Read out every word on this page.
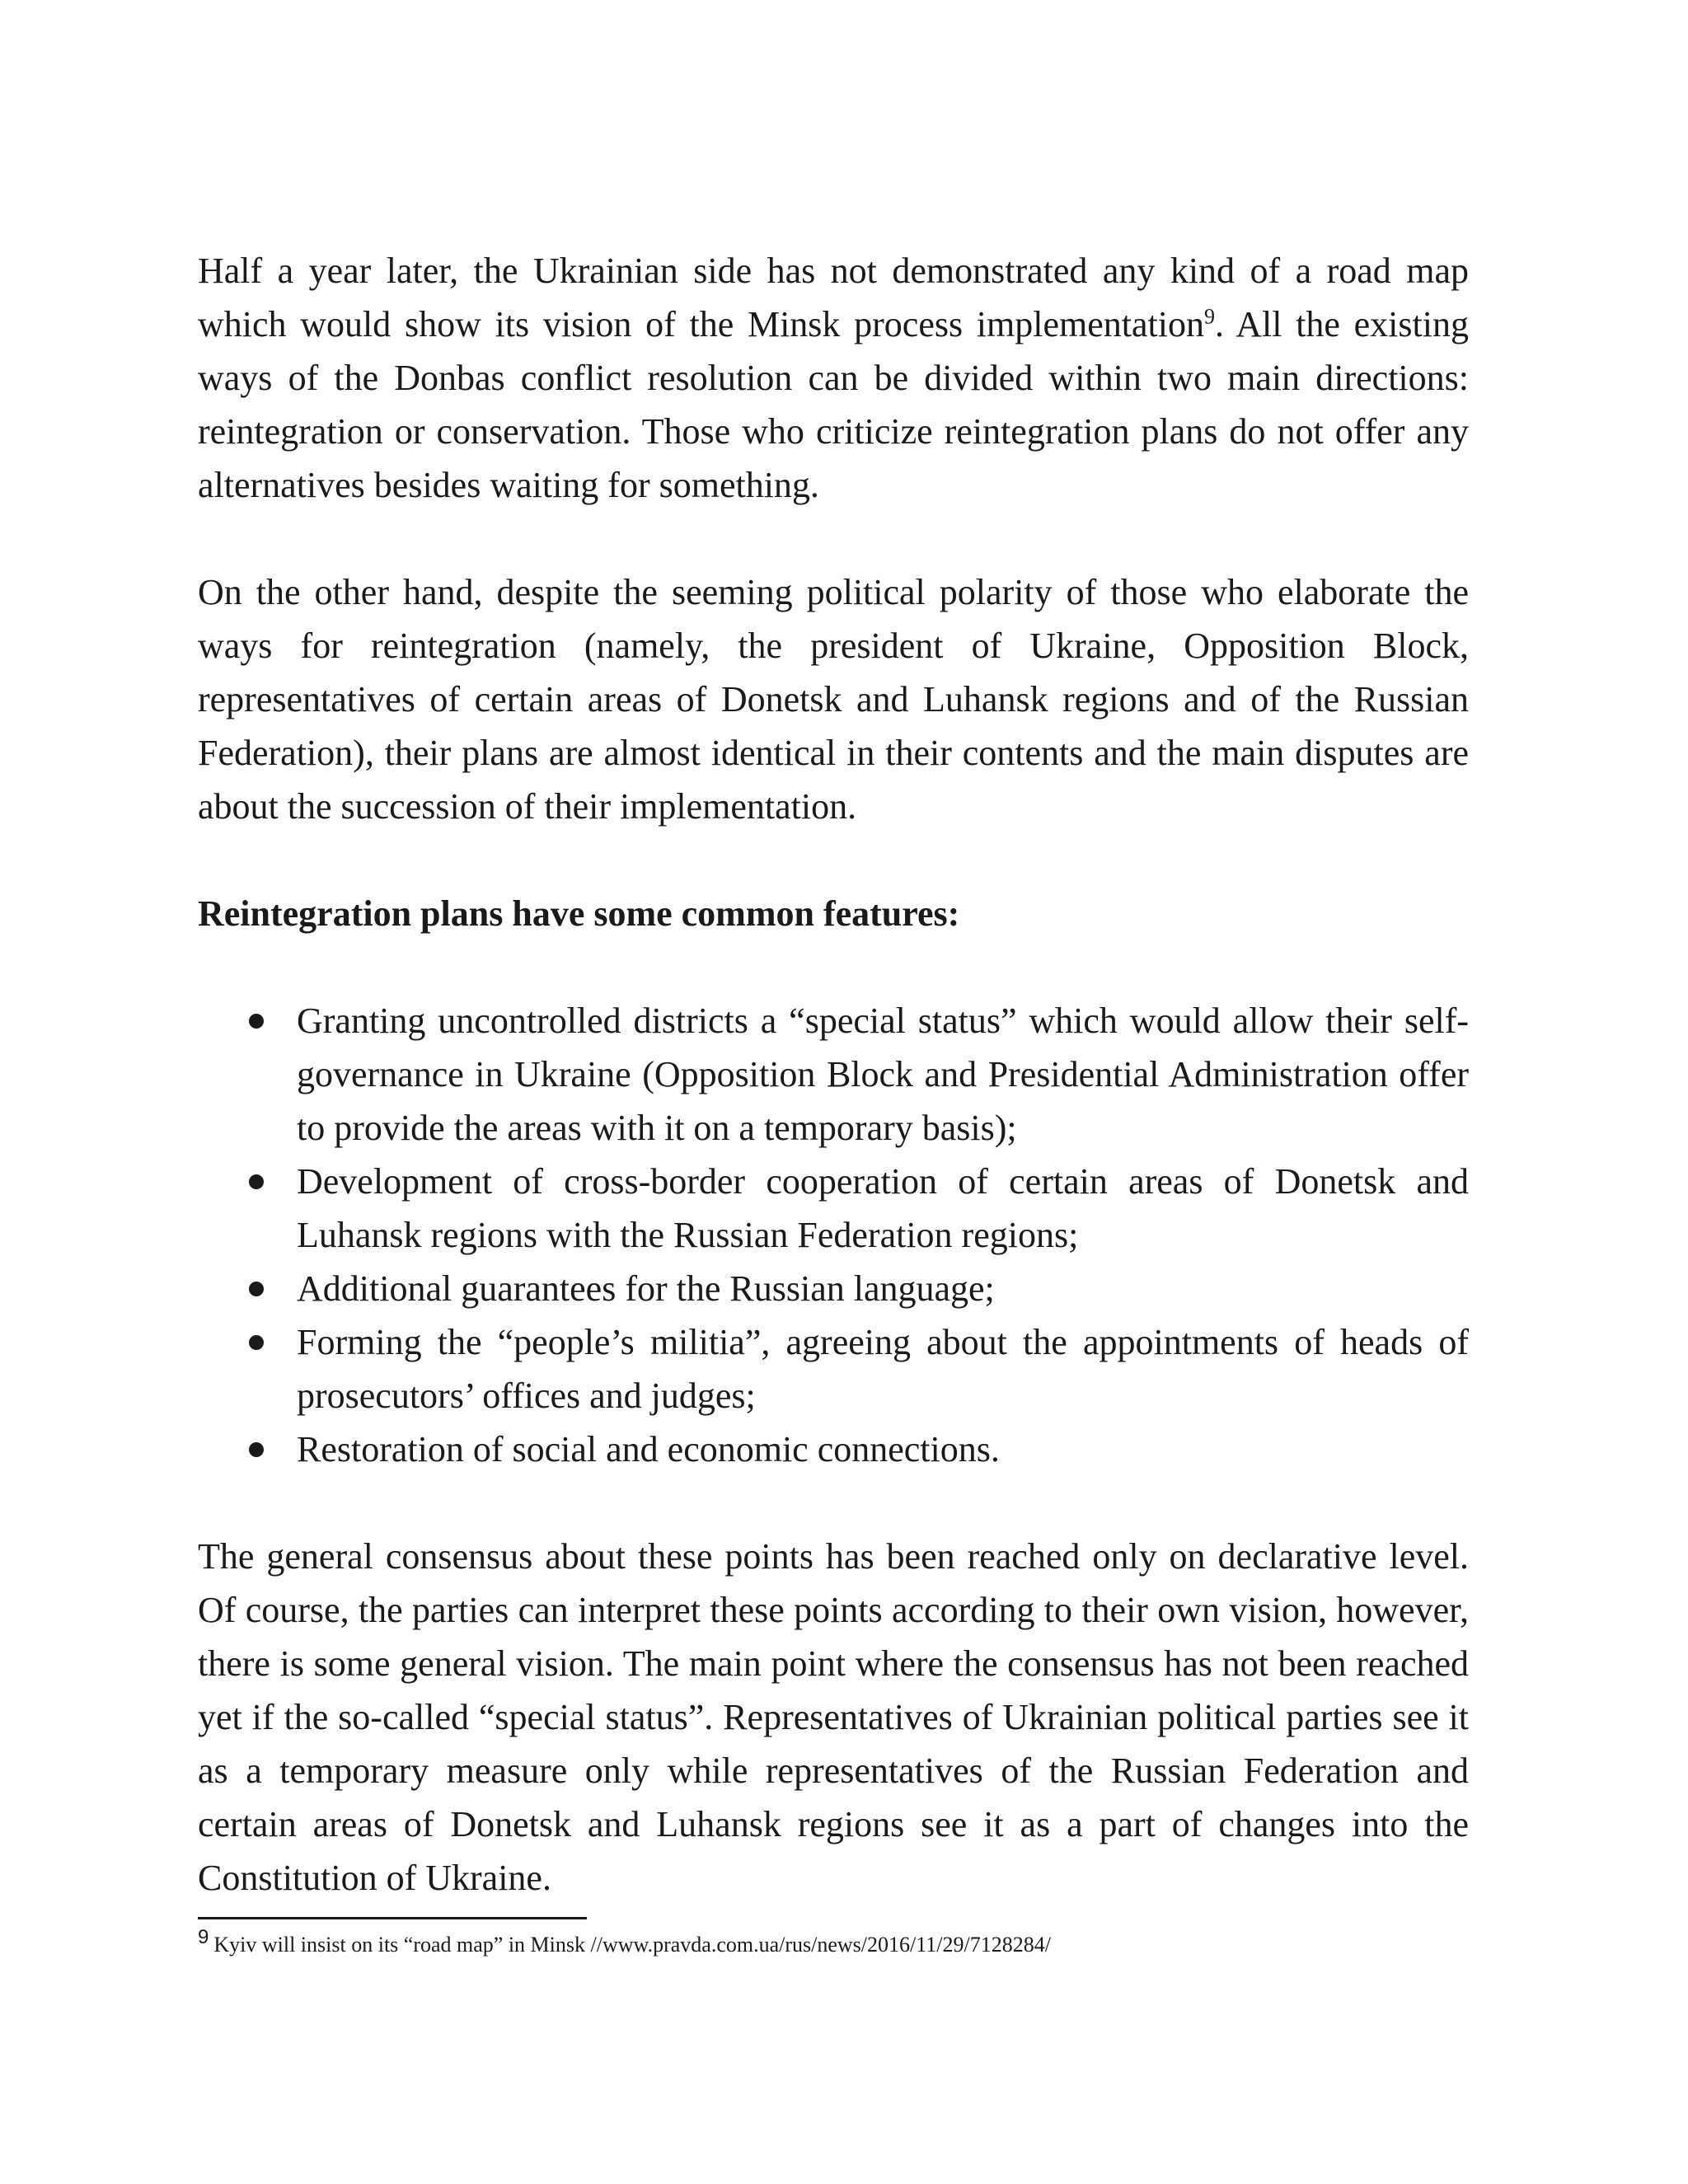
Half a year later, the Ukrainian side has not demonstrated any kind of a road map which would show its vision of the Minsk process implementation$^9$. All the existing ways of the Donbas conflict resolution can be divided within two main directions: reintegration or conservation. Those who criticize reintegration plans do not offer any alternatives besides waiting for something.

On the other hand, despite the seeming political polarity of those who elaborate the ways for reintegration (namely, the president of Ukraine, Opposition Block, representatives of certain areas of Donetsk and Luhansk regions and of the Russian Federation), their plans are almost identical in their contents and the main disputes are about the succession of their implementation.

Reintegration plans have some common features:

Granting uncontrolled districts a “special status” which would allow their self-governance in Ukraine (Opposition Block and Presidential Administration offer to provide the areas with it on a temporary basis);
Development of cross-border cooperation of certain areas of Donetsk and Luhansk regions with the Russian Federation regions;
Additional guarantees for the Russian language;
Forming the “people’s militia”, agreeing about the appointments of heads of prosecutors’ offices and judges;
Restoration of social and economic connections.

The general consensus about these points has been reached only on declarative level. Of course, the parties can interpret these points according to their own vision, however, there is some general vision. The main point where the consensus has not been reached yet if the so-called “special status”. Representatives of Ukrainian political parties see it as a temporary measure only while representatives of the Russian Federation and certain areas of Donetsk and Luhansk regions see it as a part of changes into the Constitution of Ukraine.

9 Kyiv will insist on its “road map” in Minsk //www.pravda.com.ua/rus/news/2016/11/29/7128284/
